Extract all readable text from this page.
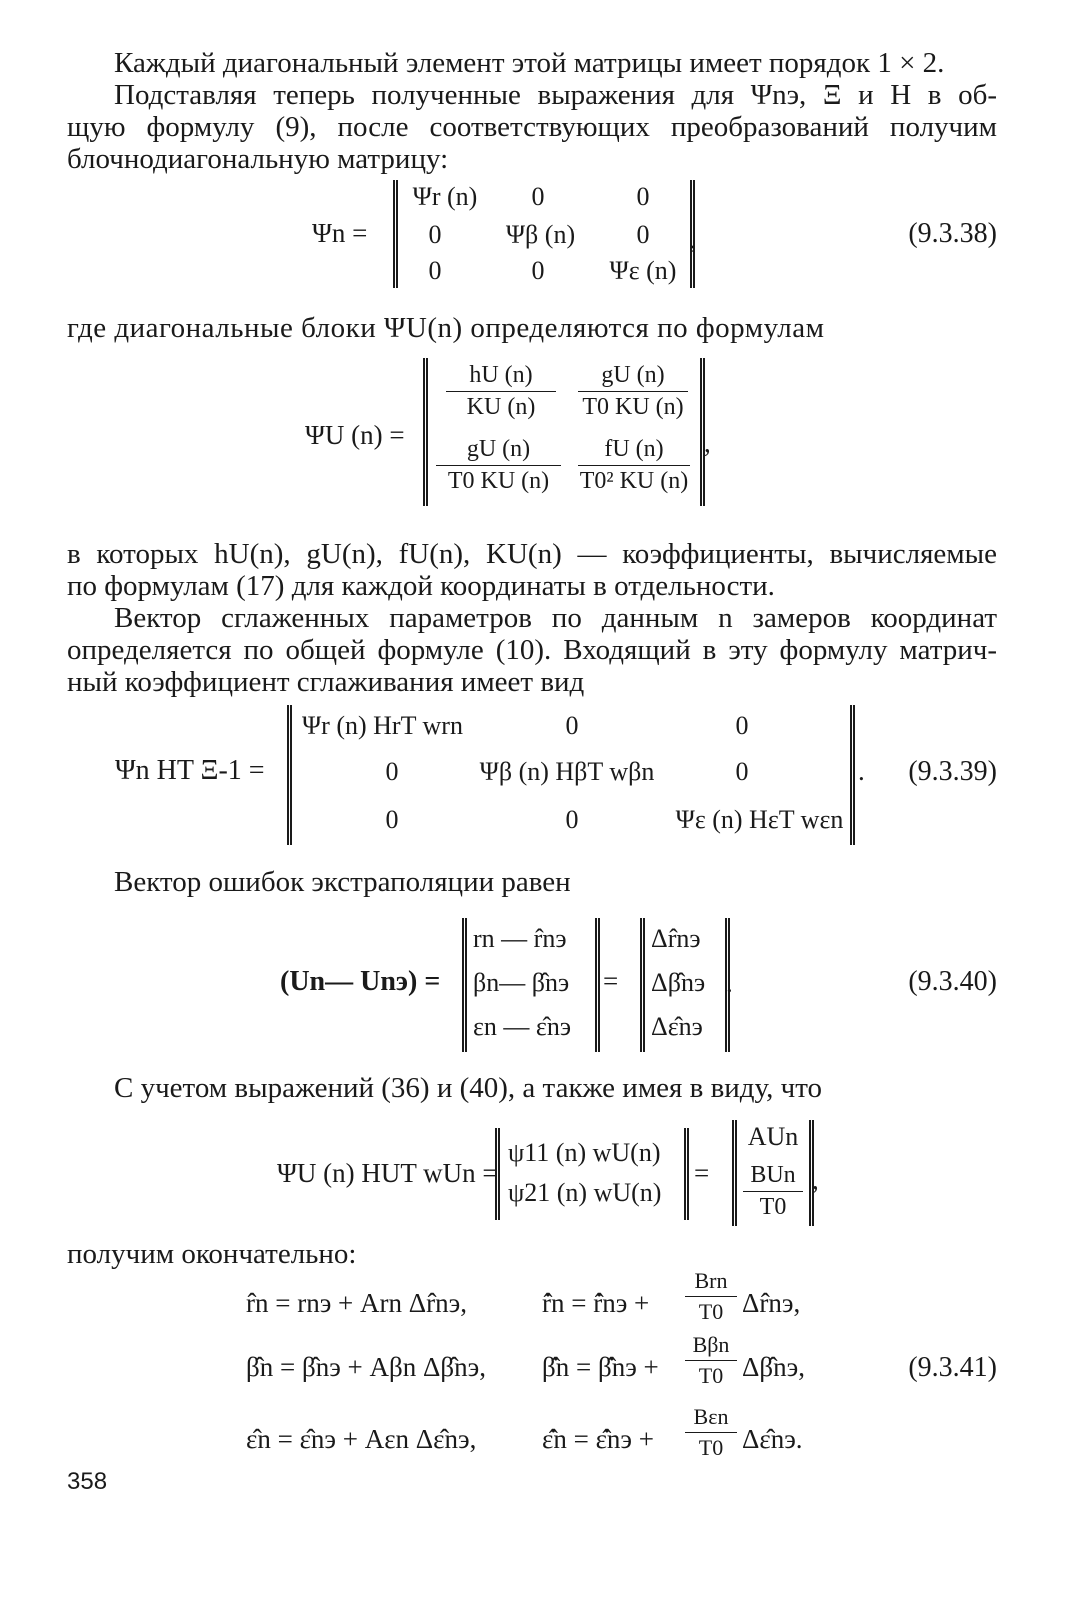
Каждый диагональный элемент этой матрицы имеет порядок 1 × 2.
Подставляя теперь полученные выражения для Ψnэ, Ξ и H в об-
щую формулу (9), после соответствующих преобразований получим
блочнодиагональную матрицу:
Ψn =
Ψr (n)	0	0
0	Ψβ (n)	0
0	0	Ψε (n)
,	(9.3.38)
где диагональные блоки ΨU(n) определяются по формулам
ΨU (n) =
$\frac{hU (n)}{KU (n)} \frac{gU (n)}{T0 KU (n)}$
$\frac{gU (n)}{T0 KU (n)} \frac{fU (n)}{\text{T0² KU (n)}}$ ,
в которых hU(n), gU(n), fU(n), KU(n) — коэффициенты, вычисляемые
по формулам (17) для каждой координаты в отдельности.
Вектор сглаженных параметров по данным n замеров координат
определяется по общей формуле (10). Входящий в эту формулу матрич-
ный коэффициент сглаживания имеет вид
Ψn HT Ξ-1 =
Ψr (n) HrT wrn	0	0
0	Ψβ (n) HβT wβn	0
0	0	Ψε (n) HεT wεn
. (9.3.39)
Вектор ошибок экстраполяции равен
(Un— Unэ) =
rn — r̂nэ
βn— β̂nэ
εn — ε̂nэ
=
Δr̂nэ
Δβ̂nэ
Δε̂nэ
.	(9.3.40)
С учетом выражений (36) и (40), а также имея в виду, что
ΨU (n) HUT wUn =
ψ11 (n) wU(n)
ψ21 (n) wU(n)
=
AUn
BUn
T0
,
получим окончательно:
r̂n = rnэ + Arn Δr̂nэ,	r̂̇n = r̂̇nэ +
Brn
T0 Δr̂nэ,
β̂n = β̂nэ + Aβn Δβ̂nэ, β̂̇n = β̂̇nэ +
Bβn
T0 Δβ̂nэ,
ε̂n = ε̂nэ + Aεn Δε̂nэ, ε̂̇n = ε̂̇nэ +
Bεn
T0 Δε̂nэ.
(9.3.41)
358
